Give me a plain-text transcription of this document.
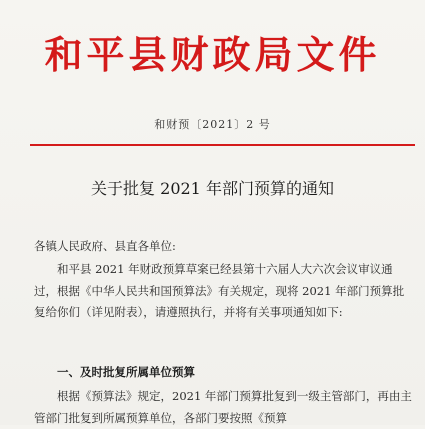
和平县财政局文件
和财预〔2021〕2 号
关于批复 2021 年部门预算的通知
各镇人民政府、县直各单位:
和平县 2021 年财政预算草案已经县第十六届人大六次会议审议通过，根据《中华人民共和国预算法》有关规定，现将 2021 年部门预算批复给你们（详见附表），请遵照执行，并将有关事项通知如下:
一、及时批复所属单位预算
根据《预算法》规定，2021 年部门预算批复到一级主管部门，再由主管部门批复到所属预算单位，各部门要按照《预算
